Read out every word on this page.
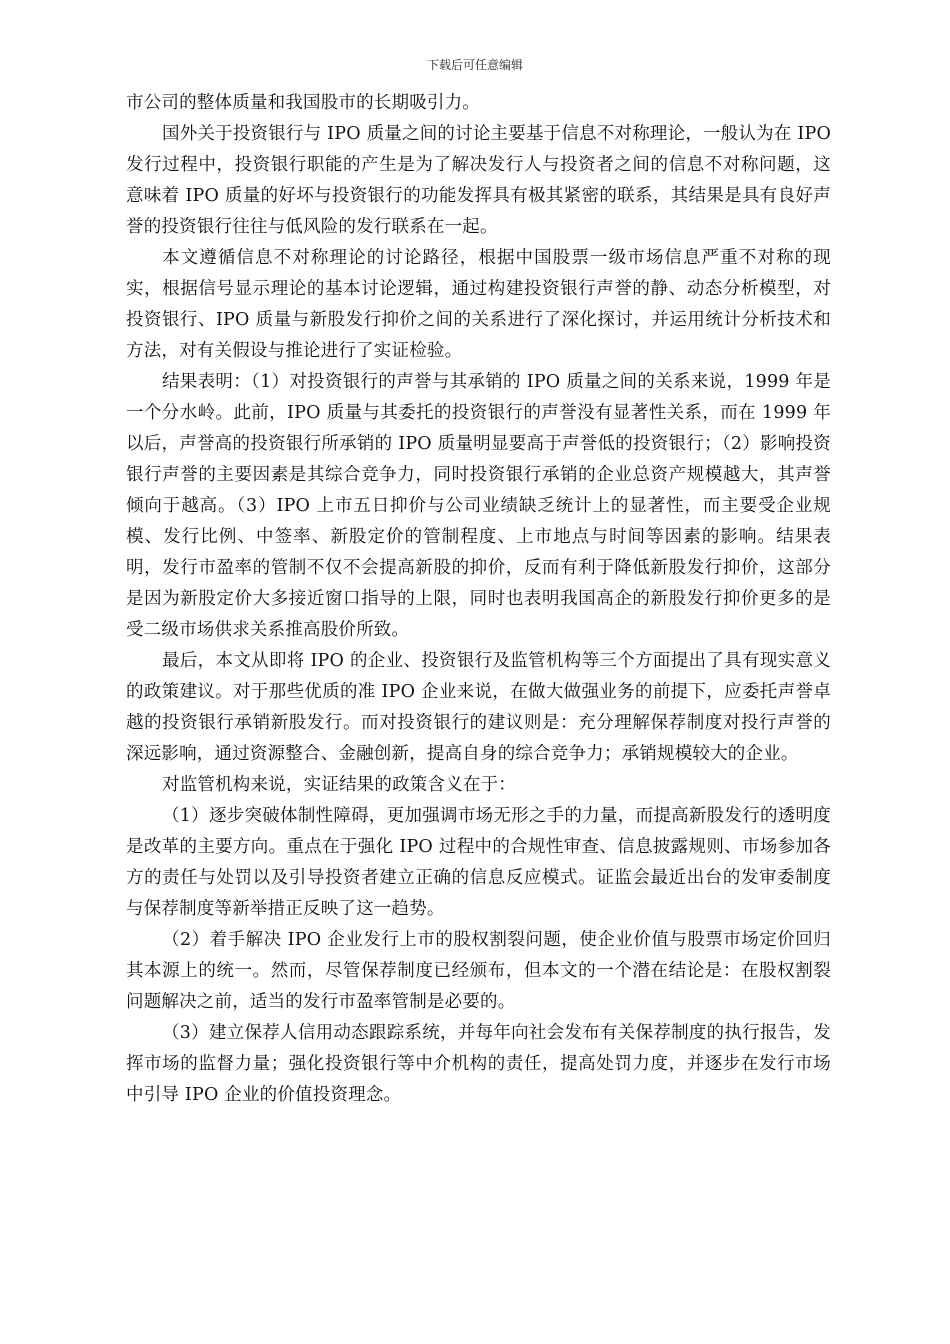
下载后可任意编辑

市公司的整体质量和我国股市的长期吸引力。

国外关于投资银行与 IPO 质量之间的讨论主要基于信息不对称理论，一般认为在 IPO 发行过程中，投资银行职能的产生是为了解决发行人与投资者之间的信息不对称问题，这意味着 IPO 质量的好坏与投资银行的功能发挥具有极其紧密的联系，其结果是具有良好声誉的投资银行往往与低风险的发行联系在一起。

本文遵循信息不对称理论的讨论路径，根据中国股票一级市场信息严重不对称的现实，根据信号显示理论的基本讨论逻辑，通过构建投资银行声誉的静、动态分析模型，对投资银行、IPO 质量与新股发行抑价之间的关系进行了深化探讨，并运用统计分析技术和方法，对有关假设与推论进行了实证检验。

结果表明：（1）对投资银行的声誉与其承销的 IPO 质量之间的关系来说，1999 年是一个分水岭。此前，IPO 质量与其委托的投资银行的声誉没有显著性关系，而在 1999 年以后，声誉高的投资银行所承销的 IPO 质量明显要高于声誉低的投资银行；（2）影响投资银行声誉的主要因素是其综合竞争力，同时投资银行承销的企业总资产规模越大，其声誉倾向于越高。（3）IPO 上市五日抑价与公司业绩缺乏统计上的显著性，而主要受企业规模、发行比例、中签率、新股定价的管制程度、上市地点与时间等因素的影响。结果表明，发行市盈率的管制不仅不会提高新股的抑价，反而有利于降低新股发行抑价，这部分是因为新股定价大多接近窗口指导的上限，同时也表明我国高企的新股发行抑价更多的是受二级市场供求关系推高股价所致。

最后，本文从即将 IPO 的企业、投资银行及监管机构等三个方面提出了具有现实意义的政策建议。对于那些优质的准 IPO 企业来说，在做大做强业务的前提下，应委托声誉卓越的投资银行承销新股发行。而对投资银行的建议则是：充分理解保荐制度对投行声誉的深远影响，通过资源整合、金融创新，提高自身的综合竞争力；承销规模较大的企业。

对监管机构来说，实证结果的政策含义在于：

（1）逐步突破体制性障碍，更加强调市场无形之手的力量，而提高新股发行的透明度是改革的主要方向。重点在于强化 IPO 过程中的合规性审查、信息披露规则、市场参加各方的责任与处罚以及引导投资者建立正确的信息反应模式。证监会最近出台的发审委制度与保荐制度等新举措正反映了这一趋势。

（2）着手解决 IPO 企业发行上市的股权割裂问题，使企业价值与股票市场定价回归其本源上的统一。然而，尽管保荐制度已经颁布，但本文的一个潜在结论是：在股权割裂问题解决之前，适当的发行市盈率管制是必要的。

（3）建立保荐人信用动态跟踪系统，并每年向社会发布有关保荐制度的执行报告，发挥市场的监督力量；强化投资银行等中介机构的责任，提高处罚力度，并逐步在发行市场中引导 IPO 企业的价值投资理念。
